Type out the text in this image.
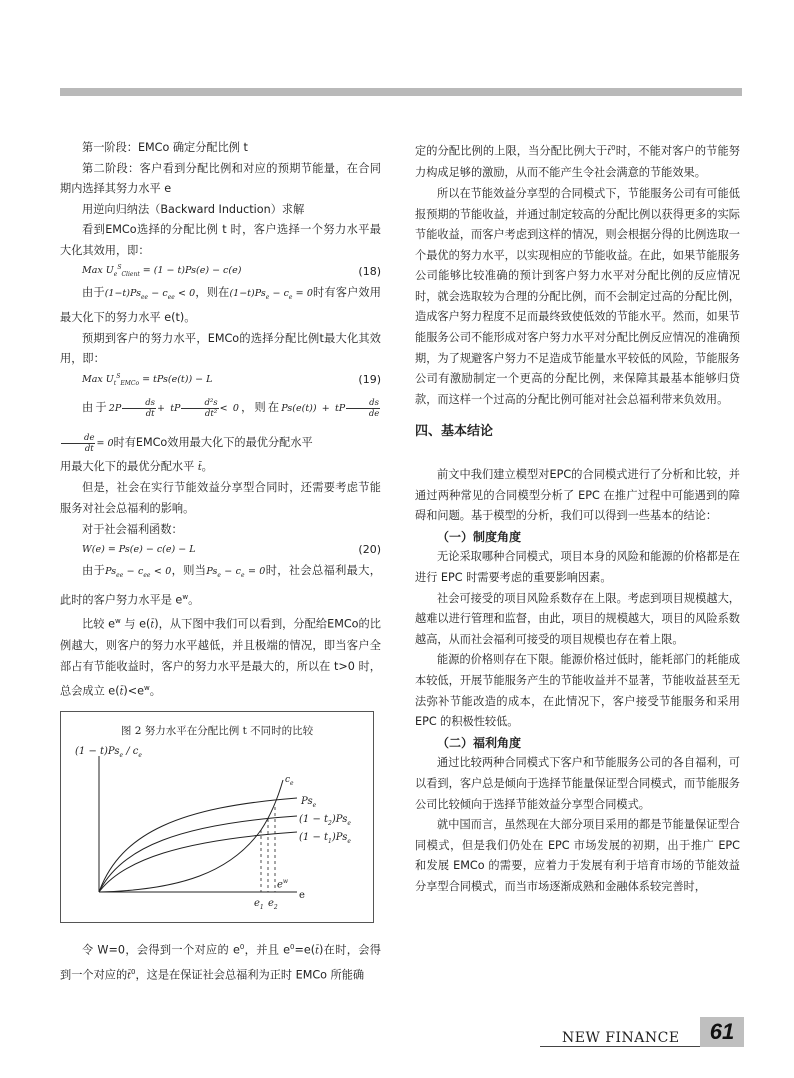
第一阶段：EMCo 确定分配比例 t

第二阶段：客户看到分配比例和对应的预期节能量，在合同期内选择其努力水平 e

用逆向归纳法（Backward Induction）求解

看到EMCo选择的分配比例 t 时，客户选择一个努力水平最大化其效用，即：

Max $U_e^S_{Client} = (1 - t)Ps(e) - c(e)$	(18)

由于$(1-t)Ps_{ee} - c_{ee} < 0$，则在$(1-t)Ps_e - c_e = 0$时有客户效用最大化下的努力水平 e(t)。

预期到客户的努力水平，EMCo的选择分配比例t最大化其效用，即：

Max $U_t^S_{EMCo} = tPs(e(t)) - L$	(19)

由于$2P \frac{ds}{dt}$ + tP $\frac{\text{d²s}}{\text{dt²}} < 0$，则在Ps(e(t)) + tP $\frac{ds}{de}$
$\frac{de}{dt} = 0$时有EMCo效用最大化下的最优分配水平

用最大化下的最优分配水平 t̄。

但是，社会在实行节能效益分享型合同时，还需要考虑节能服务对社会总福利的影响。

对于社会福利函数：

W(e) = Ps(e) − c(e) − L	(20)

由于$Ps_{ee} - c_{ee} < 0$，则当$Ps_e - c_e = 0$时，社会总福利最大，此时的客户努力水平是 $e^w$。

比较 $e^w$ 与 e(t̄)，从下图中我们可以看到，分配给EMCo的比例越大，则客户的努力水平越低，并且极端的情况，即当客户全部占有节能收益时，客户的努力水平是最大的，所以在 t>0 时，总会成立 $e(t̄)<e^w$。

图 2 努力水平在分配比例 t 不同时的比较
$(1 - t)Ps_e / c_e$
$c_e$
$Ps_e$
$(1 - t_2)Ps_e$
$(1 - t_1)Ps_e$
e
$e^w$
$e_1$ $e_2$

令 W=0，会得到一个对应的 $e^0$，并且 $e^0=e(t̄)$在时，会得到一个对应的t̄$^0$，这是在保证社会总福利为正时 EMCo 所能确

定的分配比例的上限，当分配比例大于t̄$^0$时，不能对客户的节能努力构成足够的激励，从而不能产生令社会满意的节能效果。

所以在节能效益分享型的合同模式下，节能服务公司有可能低报预期的节能收益，并通过制定较高的分配比例以获得更多的实际节能收益，而客户考虑到这样的情况，则会根据分得的比例选取一个最优的努力水平，以实现相应的节能收益。在此，如果节能服务公司能够比较准确的预计到客户努力水平对分配比例的反应情况时，就会选取较为合理的分配比例，而不会制定过高的分配比例，造成客户努力程度不足而最终致使低效的节能水平。然而，如果节能服务公司不能形成对客户努力水平对分配比例反应情况的准确预期，为了规避客户努力不足造成节能量水平较低的风险，节能服务公司有激励制定一个更高的分配比例，来保障其最基本能够归贷款，而这样一个过高的分配比例可能对社会总福利带来负效用。

四、基本结论

前文中我们建立模型对EPC的合同模式进行了分析和比较，并通过两种常见的合同模型分析了 EPC 在推广过程中可能遇到的障碍和问题。基于模型的分析，我们可以得到一些基本的结论：

（一）制度角度

无论采取哪种合同模式，项目本身的风险和能源的价格都是在进行 EPC 时需要考虑的重要影响因素。

社会可接受的项目风险系数存在上限。考虑到项目规模越大，越难以进行管理和监督，由此，项目的规模越大，项目的风险系数越高，从而社会福利可接受的项目规模也存在着上限。

能源的价格则存在下限。能源价格过低时，能耗部门的耗能成本较低，开展节能服务产生的节能收益并不显著，节能收益甚至无法弥补节能改造的成本，在此情况下，客户接受节能服务和采用 EPC 的积极性较低。

（二）福利角度

通过比较两种合同模式下客户和节能服务公司的各自福利，可以看到，客户总是倾向于选择节能量保证型合同模式，而节能服务公司比较倾向于选择节能效益分享型合同模式。

就中国而言，虽然现在大部分项目采用的都是节能量保证型合同模式，但是我们仍处在 EPC 市场发展的初期，出于推广 EPC 和发展 EMCo 的需要，应着力于发展有利于培育市场的节能效益分享型合同模式，而当市场逐渐成熟和金融体系较完善时，

NEW FINANCE	61
